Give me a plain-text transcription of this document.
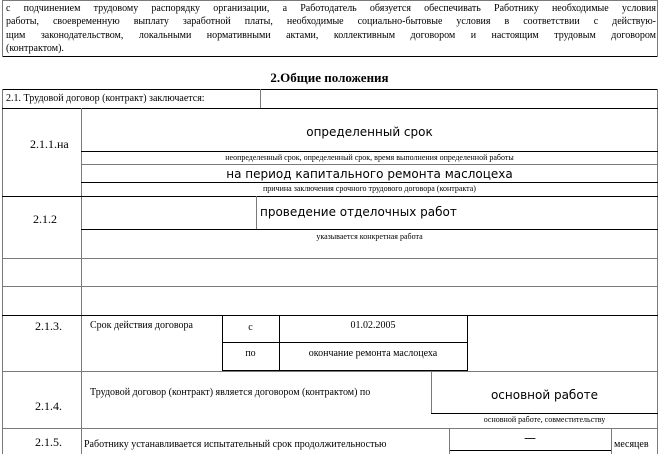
с подчинением трудовому распорядку организации, а Работодатель обязуется обеспечивать Работнику необходимые условия
работы, своевременную выплату заработной платы, необходимые социально-бытовые условия в соответствии с действую-
щим законодательством, локальными нормативными актами, коллективным договором и настоящим трудовым договором
(контрактом).
2.Общие положения
2.1. Трудовой договор (контракт) заключается:
2.1.1.на
определенный срок
неопределенный срок, определенный срок, время выполнения определенной работы
на период капитального ремонта маслоцеха
причина заключения срочного трудового договора (контракта)
2.1.2	проведение отделочных работ
указывается конкретная работа
2.1.3.	Срок действия договора	с	01.02.2005
по	окончание ремонта маслоцеха
2.1.4.
Трудовой договор (контракт) является договором (контрактом) по	основной работе
основной работе, совместительству
2.1.5. Работнику устанавливается испытательный срок продолжительностью	—	месяцев
